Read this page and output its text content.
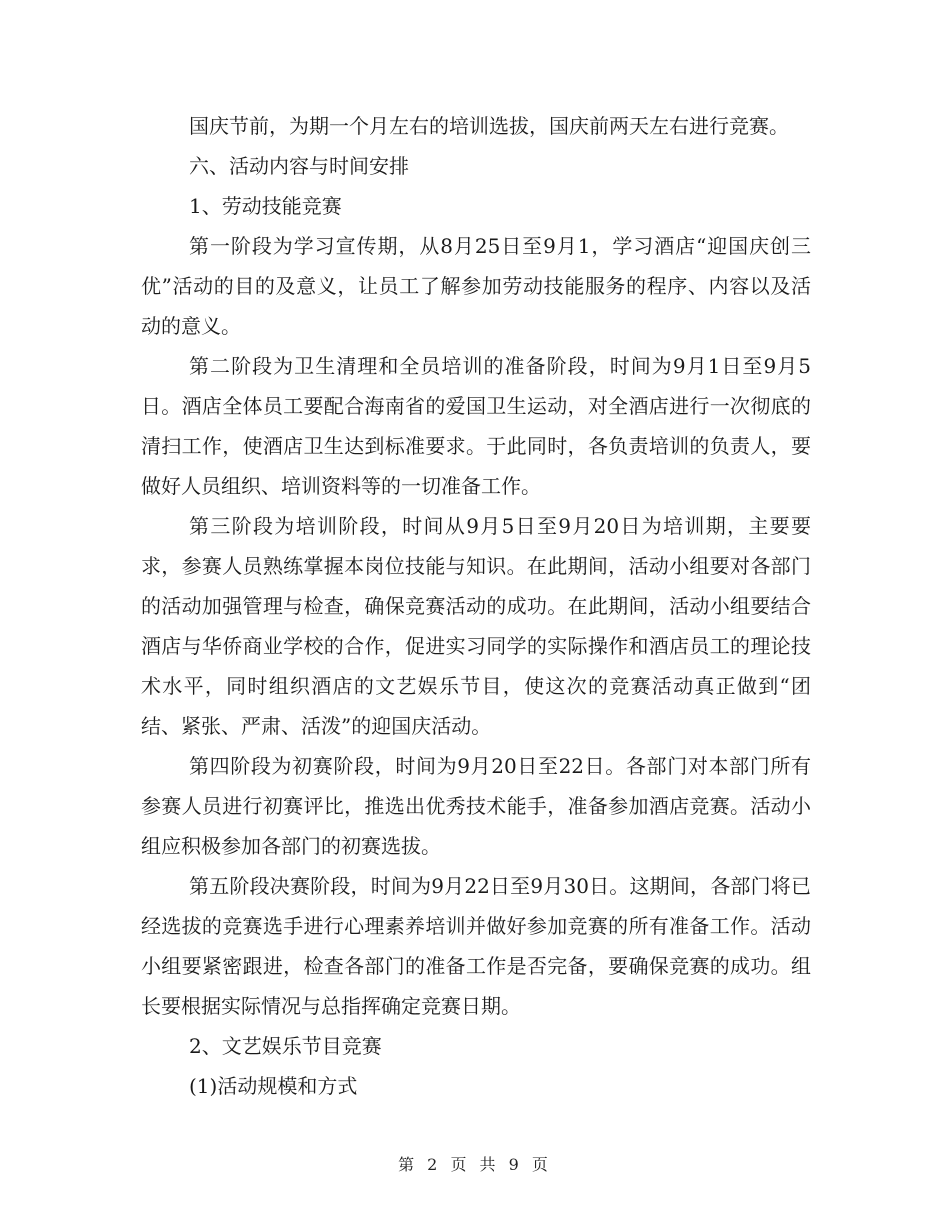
国庆节前，为期一个月左右的培训选拔，国庆前两天左右进行竞赛。

六、活动内容与时间安排

1、劳动技能竞赛

第一阶段为学习宣传期，从8月25日至9月1，学习酒店“迎国庆创三优”活动的目的及意义，让员工了解参加劳动技能服务的程序、内容以及活动的意义。

第二阶段为卫生清理和全员培训的准备阶段，时间为9月1日至9月5日。酒店全体员工要配合海南省的爱国卫生运动，对全酒店进行一次彻底的清扫工作，使酒店卫生达到标准要求。于此同时，各负责培训的负责人，要做好人员组织、培训资料等的一切准备工作。

第三阶段为培训阶段，时间从9月5日至9月20日为培训期，主要要求，参赛人员熟练掌握本岗位技能与知识。在此期间，活动小组要对各部门的活动加强管理与检查，确保竞赛活动的成功。在此期间，活动小组要结合酒店与华侨商业学校的合作，促进实习同学的实际操作和酒店员工的理论技术水平，同时组织酒店的文艺娱乐节目，使这次的竞赛活动真正做到“团结、紧张、严肃、活泼”的迎国庆活动。

第四阶段为初赛阶段，时间为9月20日至22日。各部门对本部门所有参赛人员进行初赛评比，推选出优秀技术能手，准备参加酒店竞赛。活动小组应积极参加各部门的初赛选拔。

第五阶段决赛阶段，时间为9月22日至9月30日。这期间，各部门将已经选拔的竞赛选手进行心理素养培训并做好参加竞赛的所有准备工作。活动小组要紧密跟进，检查各部门的准备工作是否完备，要确保竞赛的成功。组长要根据实际情况与总指挥确定竞赛日期。

2、文艺娱乐节目竞赛

(1)活动规模和方式

第 2 页 共 9 页
